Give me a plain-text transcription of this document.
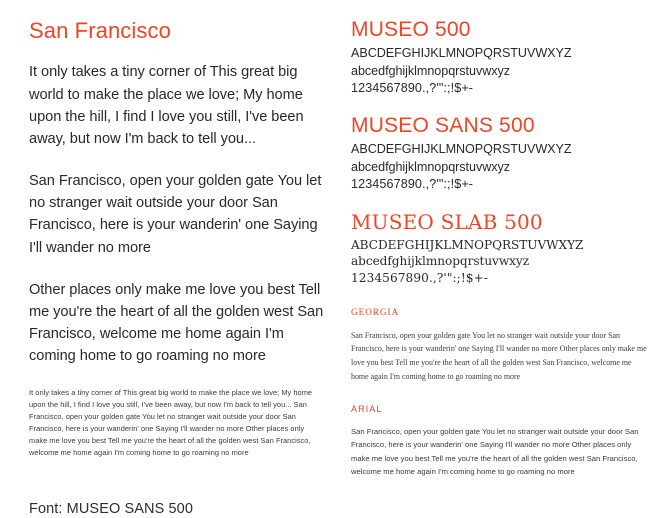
San Francisco

It only takes a tiny corner of This great big world to make the place we love; My home upon the hill, I find I love you still, I've been away, but now I'm back to tell you...

San Francisco, open your golden gate You let no stranger wait outside your door San Francisco, here is your wanderin' one Saying I'll wander no more

Other places only make me love you best Tell me you're the heart of all the golden west San Francisco, welcome me home again I'm coming home to go roaming no more

It only takes a tiny corner of This great big world to make the place we love; My home upon the hill, I find I love you still, I've been away, but now I'm back to tell you... San Francisco, open your golden gate You let no stranger wait outside your door San Francisco, here is your wanderin' one Saying I'll wander no more Other places only make me love you best Tell me you're the heart of all the golden west San Francisco, welcome me home again I'm coming home to go roaming no more

Font: MUSEO SANS 500

MUSEO 500
ABCDEFGHIJKLMNOPQRSTUVWXYZ
abcedfghijklmnopqrstuvwxyz
1234567890.,?'":;!$+-
MUSEO SANS 500
ABCDEFGHIJKLMNOPQRSTUVWXYZ
abcedfghijklmnopqrstuvwxyz
1234567890.,?'":;!$+-
MUSEO SLAB 500
ABCDEFGHIJKLMNOPQRSTUVWXYZ
abcedfghijklmnopqrstuvwxyz
1234567890.,?'":;!$+-
GEORGIA

San Francisco, open your golden gate You let no stranger wait outside your door San Francisco, here is your wanderin' one Saying I'll wander no more Other places only make me love you best Tell me you're the heart of all the golden west San Francisco, welcome me home again I'm coming home to go roaming no more

ARIAL

San Francisco, open your golden gate You let no stranger wait outside your door San Francisco, here is your wanderin' one Saying I'll wander no more Other places only make me love you best Tell me you're the heart of all the golden west San Francisco, welcome me home again I'm coming home to go roaming no more
